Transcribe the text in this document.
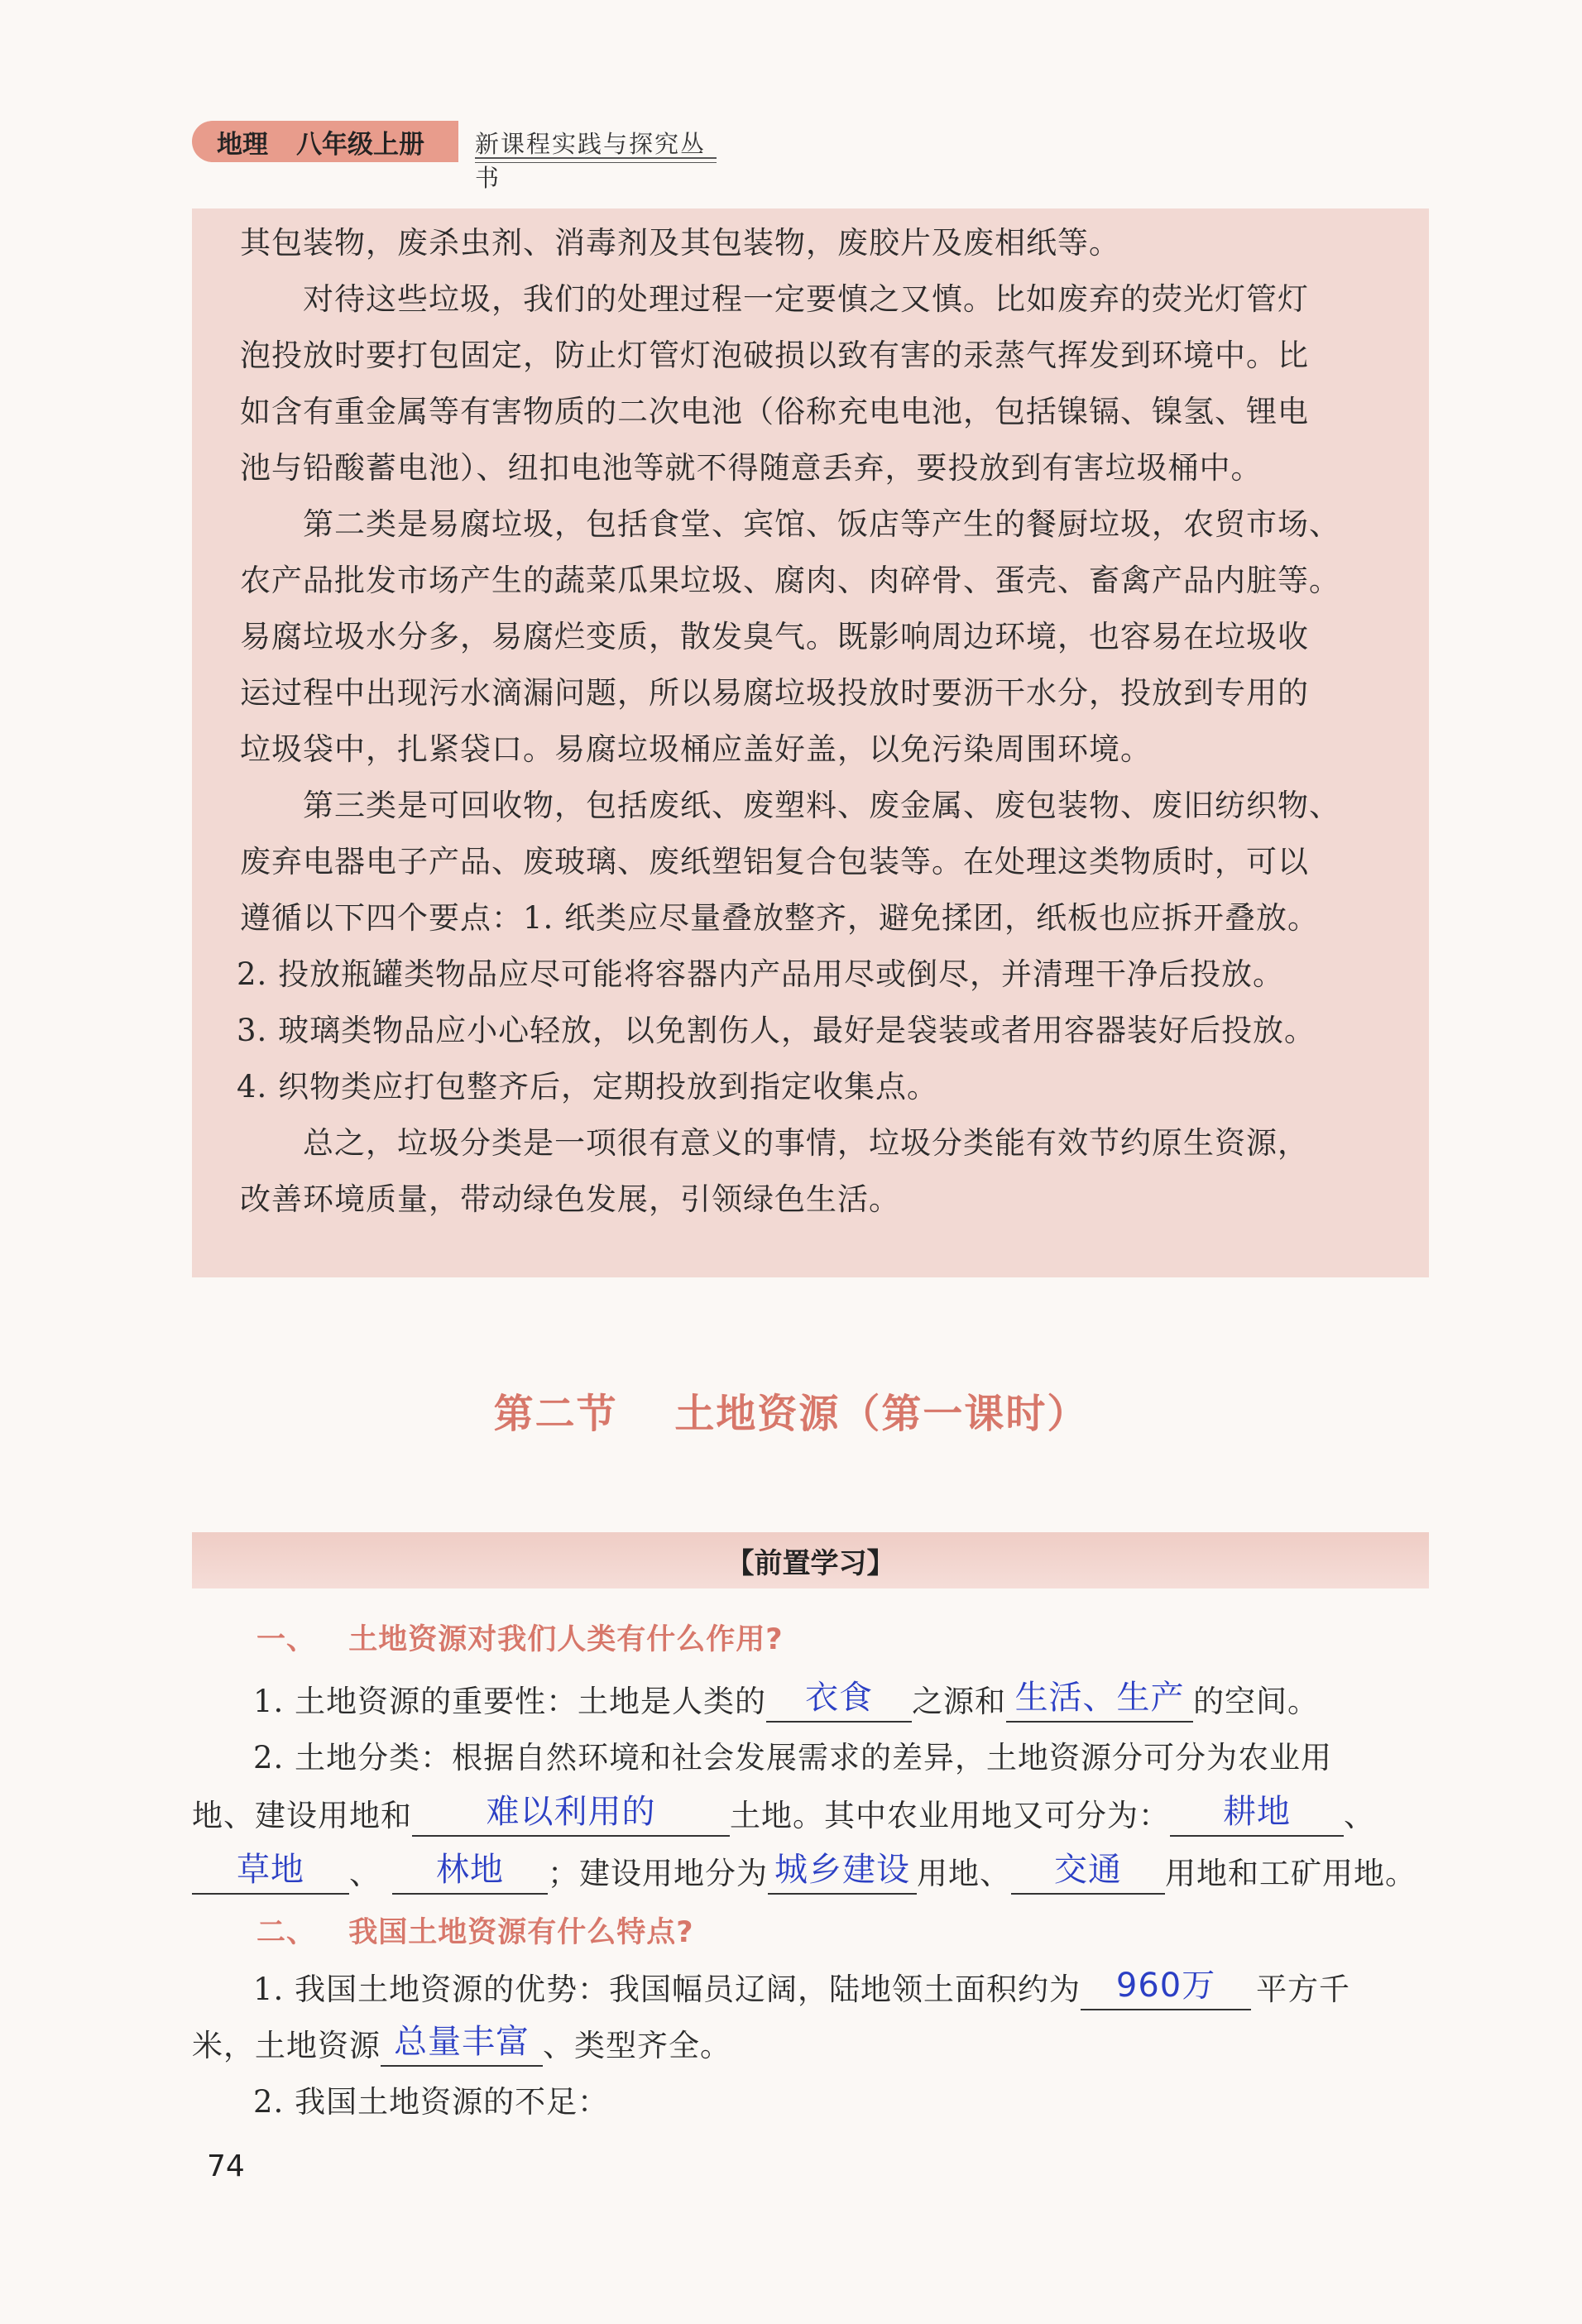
地理 八年级上册 新课程实践与探究丛书

其包装物，废杀虫剂、消毒剂及其包装物，废胶片及废相纸等。

　　对待这些垃圾，我们的处理过程一定要慎之又慎。比如废弃的荧光灯管灯

泡投放时要打包固定，防止灯管灯泡破损以致有害的汞蒸气挥发到环境中。比

如含有重金属等有害物质的二次电池（俗称充电电池，包括镍镉、镍氢、锂电

池与铅酸蓄电池）、纽扣电池等就不得随意丢弃，要投放到有害垃圾桶中。

　　第二类是易腐垃圾，包括食堂、宾馆、饭店等产生的餐厨垃圾，农贸市场、

农产品批发市场产生的蔬菜瓜果垃圾、腐肉、肉碎骨、蛋壳、畜禽产品内脏等。

易腐垃圾水分多，易腐烂变质，散发臭气。既影响周边环境，也容易在垃圾收

运过程中出现污水滴漏问题，所以易腐垃圾投放时要沥干水分，投放到专用的

垃圾袋中，扎紧袋口。易腐垃圾桶应盖好盖，以免污染周围环境。

　　第三类是可回收物，包括废纸、废塑料、废金属、废包装物、废旧纺织物、

废弃电器电子产品、废玻璃、废纸塑铝复合包装等。在处理这类物质时，可以

遵循以下四个要点：1. 纸类应尽量叠放整齐，避免揉团，纸板也应拆开叠放。

2. 投放瓶罐类物品应尽可能将容器内产品用尽或倒尽，并清理干净后投放。

3. 玻璃类物品应小心轻放，以免割伤人，最好是袋装或者用容器装好后投放。

4. 织物类应打包整齐后，定期投放到指定收集点。

　　总之，垃圾分类是一项很有意义的事情，垃圾分类能有效节约原生资源，

改善环境质量，带动绿色发展，引领绿色生活。

第二节 土地资源（第一课时）
【前置学习】
一、 土地资源对我们人类有什么作用?
1. 土地资源的重要性：土地是人类的	衣食	之源和 生活、生产 的空间。
2. 土地分类：根据自然环境和社会发展需求的差异，土地资源分可分为农业用
地、建设用地和	难以利用的	土地。其中农业用地又可分为：	耕地	、
草地	、	林地	；建设用地分为 城乡建设 用地、	交通	用地和工矿用地。
二、 我国土地资源有什么特点?
1. 我国土地资源的优势：我国幅员辽阔，陆地领土面积约为	960万	平方千
米，土地资源 总量丰富 、类型齐全。
2. 我国土地资源的不足：
74
